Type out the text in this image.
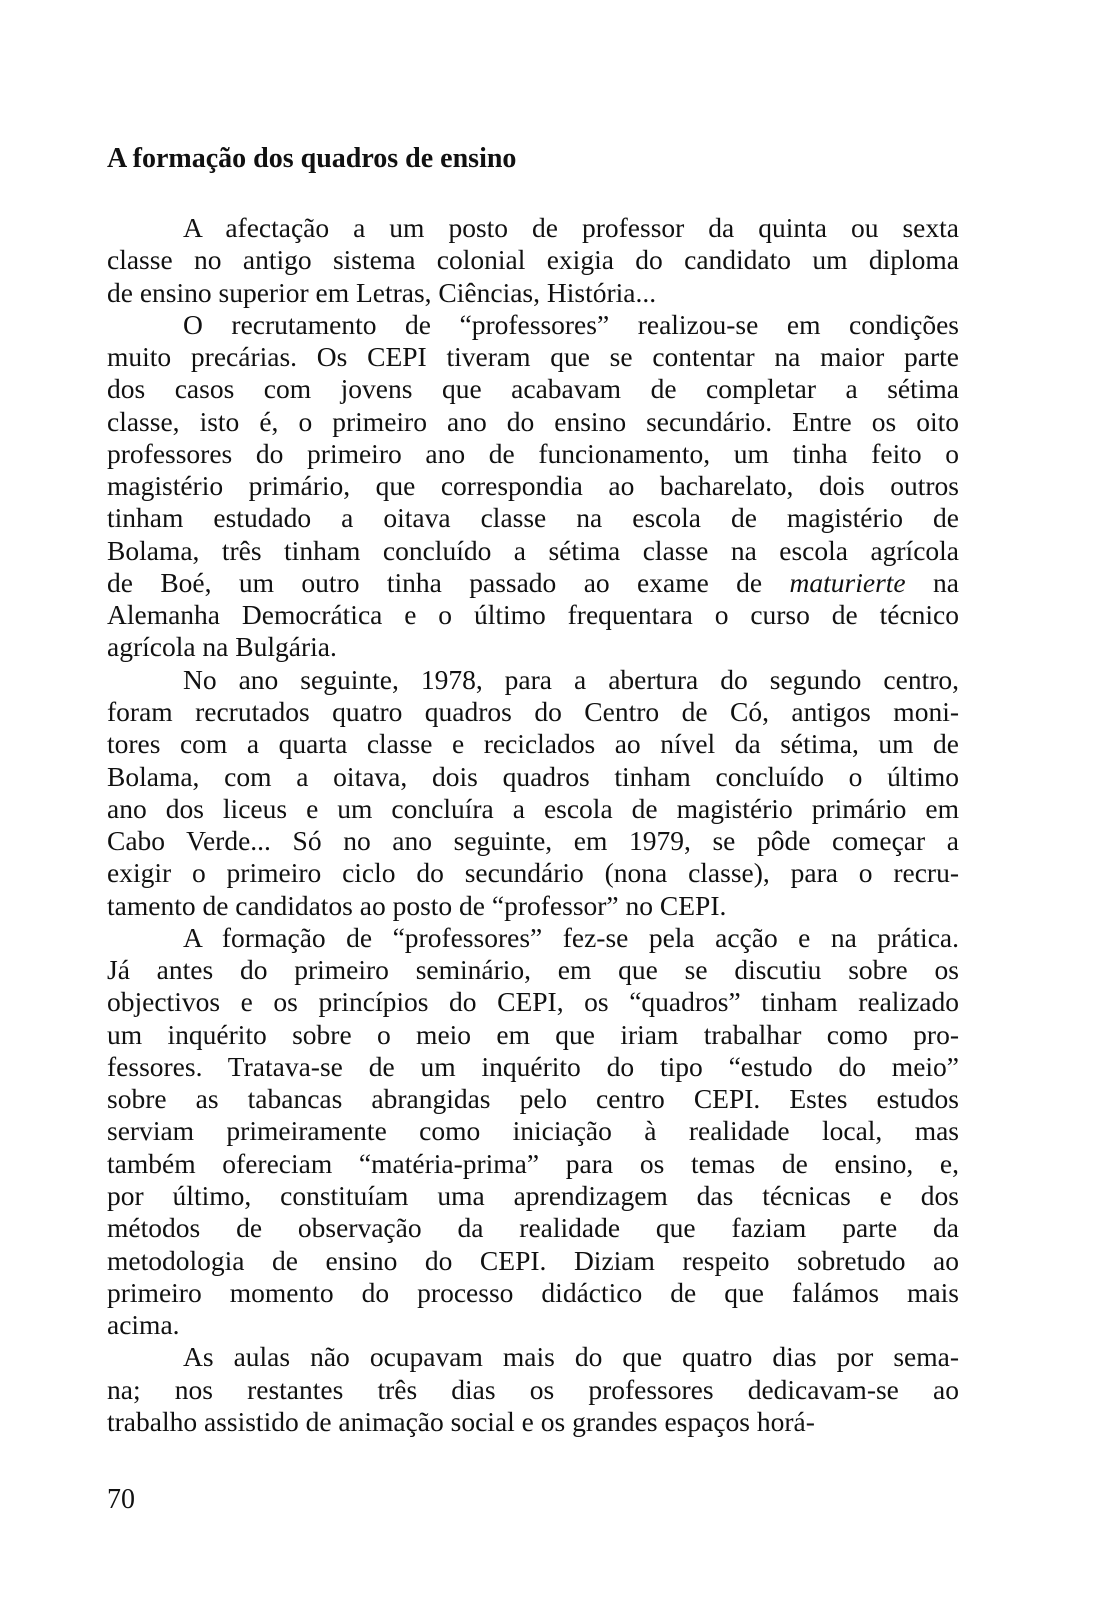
A formação dos quadros de ensino
A afectação a um posto de professor da quinta ou sexta
classe no antigo sistema colonial exigia do candidato um diploma
de ensino superior em Letras, Ciências, História...
O recrutamento de “professores” realizou-se em condições
muito precárias. Os CEPI tiveram que se contentar na maior parte
dos casos com jovens que acabavam de completar a sétima
classe, isto é, o primeiro ano do ensino secundário. Entre os oito
professores do primeiro ano de funcionamento, um tinha feito o
magistério primário, que correspondia ao bacharelato, dois outros
tinham estudado a oitava classe na escola de magistério de
Bolama, três tinham concluído a sétima classe na escola agrícola
de Boé, um outro tinha passado ao exame de maturierte na
Alemanha Democrática e o último frequentara o curso de técnico
agrícola na Bulgária.
No ano seguinte, 1978, para a abertura do segundo centro,
foram recrutados quatro quadros do Centro de Có, antigos moni-
tores com a quarta classe e reciclados ao nível da sétima, um de
Bolama, com a oitava, dois quadros tinham concluído o último
ano dos liceus e um concluíra a escola de magistério primário em
Cabo Verde... Só no ano seguinte, em 1979, se pôde começar a
exigir o primeiro ciclo do secundário (nona classe), para o recru-
tamento de candidatos ao posto de “professor” no CEPI.
A formação de “professores” fez-se pela acção e na prática.
Já antes do primeiro seminário, em que se discutiu sobre os
objectivos e os princípios do CEPI, os “quadros” tinham realizado
um inquérito sobre o meio em que iriam trabalhar como pro-
fessores. Tratava-se de um inquérito do tipo “estudo do meio”
sobre as tabancas abrangidas pelo centro CEPI. Estes estudos
serviam primeiramente como iniciação à realidade local, mas
também ofereciam “matéria-prima” para os temas de ensino, e,
por último, constituíam uma aprendizagem das técnicas e dos
métodos de observação da realidade que faziam parte da
metodologia de ensino do CEPI. Diziam respeito sobretudo ao
primeiro momento do processo didáctico de que falámos mais
acima.
As aulas não ocupavam mais do que quatro dias por sema-
na; nos restantes três dias os professores dedicavam-se ao
trabalho assistido de animação social e os grandes espaços horá-
70
